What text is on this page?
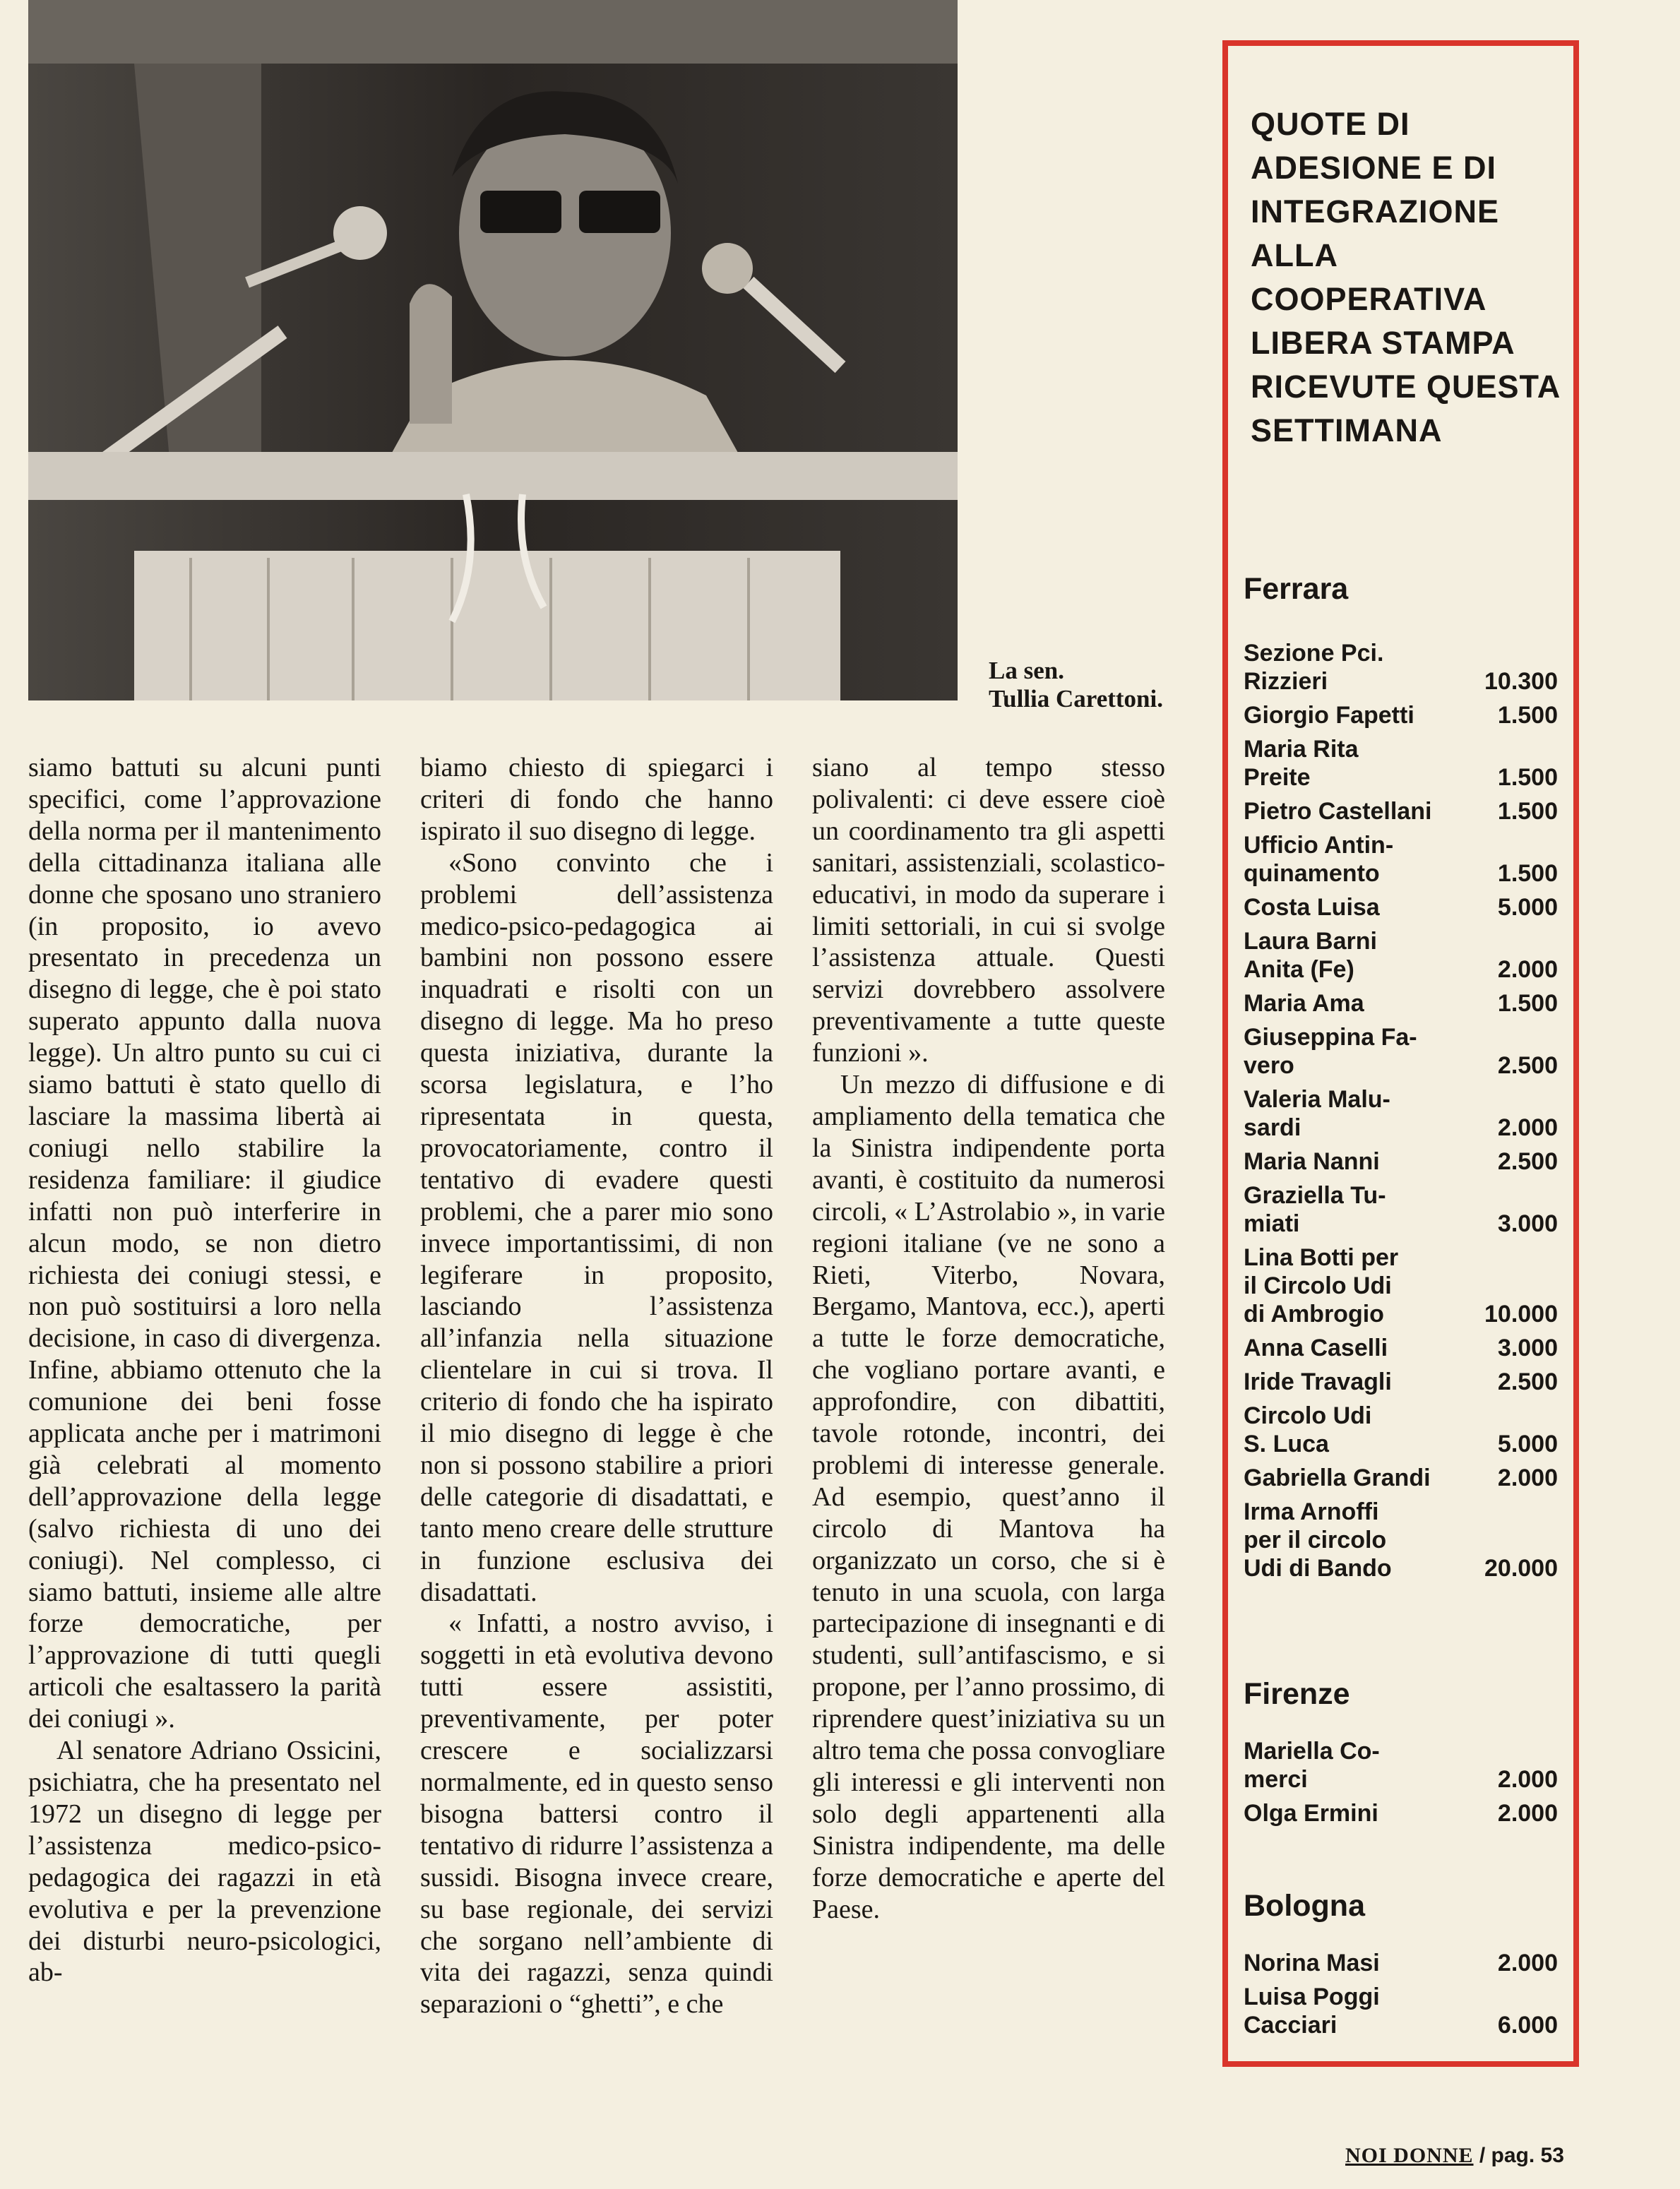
La sen.
Tullia Carettoni.

siamo battuti su alcuni punti specifici, come l’approvazione della norma per il mantenimento della cittadinanza italiana alle donne che sposano uno straniero (in proposito, io avevo presentato in precedenza un disegno di legge, che è poi stato superato appunto dalla nuova legge). Un altro punto su cui ci siamo battuti è stato quello di lasciare la massima libertà ai coniugi nello stabilire la residenza familiare: il giudice infatti non può interferire in alcun modo, se non dietro richiesta dei coniugi stessi, e non può sostituirsi a loro nella decisione, in caso di divergenza. Infine, abbiamo ottenuto che la comunione dei beni fosse applicata anche per i matrimoni già celebrati al momento dell’approvazione della legge (salvo richiesta di uno dei coniugi). Nel complesso, ci siamo battuti, insieme alle altre forze democratiche, per l’approvazione di tutti quegli articoli che esaltassero la parità dei coniugi ».

Al senatore Adriano Ossicini, psichiatra, che ha presentato nel 1972 un disegno di legge per l’assistenza medico-psico-pedagogica dei ragazzi in età evolutiva e per la prevenzione dei disturbi neuro-psicologici, ab-

biamo chiesto di spiegarci i criteri di fondo che hanno ispirato il suo disegno di legge.

«Sono convinto che i problemi dell’assistenza medico-psico-pedagogica ai bambini non possono essere inquadrati e risolti con un disegno di legge. Ma ho preso questa iniziativa, durante la scorsa legislatura, e l’ho ripresentata in questa, provocatoriamente, contro il tentativo di evadere questi problemi, che a parer mio sono invece importantissimi, di non legiferare in proposito, lasciando l’assistenza all’infanzia nella situazione clientelare in cui si trova. Il criterio di fondo che ha ispirato il mio disegno di legge è che non si possono stabilire a priori delle categorie di disadattati, e tanto meno creare delle strutture in funzione esclusiva dei disadattati.

« Infatti, a nostro avviso, i soggetti in età evolutiva devono tutti essere assistiti, preventivamente, per poter crescere e socializzarsi normalmente, ed in questo senso bisogna battersi contro il tentativo di ridurre l’assistenza a sussidi. Bisogna invece creare, su base regionale, dei servizi che sorgano nell’ambiente di vita dei ragazzi, senza quindi separazioni o “ghetti”, e che

siano al tempo stesso polivalenti: ci deve essere cioè un coordinamento tra gli aspetti sanitari, assistenziali, scolastico-educativi, in modo da superare i limiti settoriali, in cui si svolge l’assistenza attuale. Questi servizi dovrebbero assolvere preventivamente a tutte queste funzioni ».

Un mezzo di diffusione e di ampliamento della tematica che la Sinistra indipendente porta avanti, è costituito da numerosi circoli, « L’Astrolabio », in varie regioni italiane (ve ne sono a Rieti, Viterbo, Novara, Bergamo, Mantova, ecc.), aperti a tutte le forze democratiche, che vogliano portare avanti, e approfondire, con dibattiti, tavole rotonde, incontri, dei problemi di interesse generale. Ad esempio, quest’anno il circolo di Mantova ha organizzato un corso, che si è tenuto in una scuola, con larga partecipazione di insegnanti e di studenti, sull’antifascismo, e si propone, per l’anno prossimo, di riprendere quest’iniziativa su un altro tema che possa convogliare gli interessi e gli interventi non solo degli appartenenti alla Sinistra indipendente, ma delle forze democratiche e aperte del Paese.

QUOTE DI ADESIONE E DI INTEGRAZIONE ALLA COOPERATIVA LIBERA STAMPA RICEVUTE QUESTA SETTIMANA
Ferrara
Sezione Pci.
Rizzieri	10.300
Giorgio Fapetti	1.500
Maria Rita
Preite	1.500
Pietro Castellani	1.500
Ufficio Antin-
quinamento	1.500
Costa Luisa	5.000
Laura Barni
Anita (Fe)	2.000
Maria Ama	1.500
Giuseppina Fa-
vero	2.500
Valeria Malu-
sardi	2.000
Maria Nanni	2.500
Graziella Tu-
miati	3.000
Lina Botti per
il Circolo Udi
di Ambrogio	10.000
Anna Caselli	3.000
Iride Travagli	2.500
Circolo Udi
S. Luca	5.000
Gabriella Grandi	2.000
Irma Arnoffi
per il circolo
Udi di Bando	20.000
Firenze
Mariella Co-
merci	2.000
Olga Ermini	2.000
Bologna
Norina Masi	2.000
Luisa Poggi
Cacciari	6.000
NOI DONNE / pag. 53
